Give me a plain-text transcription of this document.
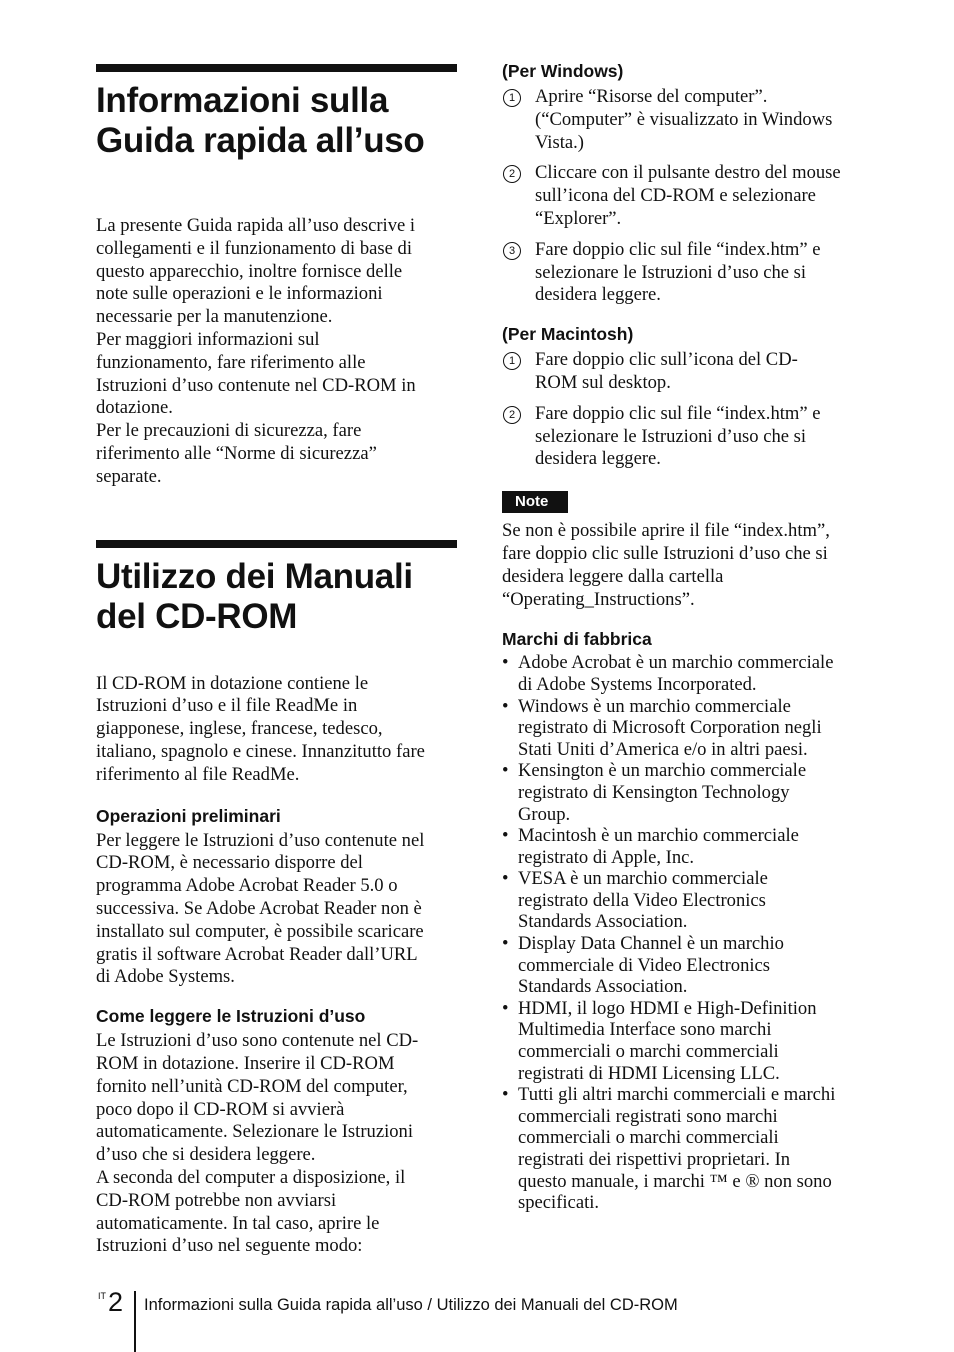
Informazioni sulla
Guida rapida all’uso

La presente Guida rapida all’uso descrive i

collegamenti e il funzionamento di base di

questo apparecchio, inoltre fornisce delle

note sulle operazioni e le informazioni

necessarie per la manutenzione.

Per maggiori informazioni sul

funzionamento, fare riferimento alle

Istruzioni d’uso contenute nel CD-ROM in

dotazione.

Per le precauzioni di sicurezza, fare

riferimento alle “Norme di sicurezza”

separate.

Utilizzo dei Manuali
del CD-ROM

Il CD-ROM in dotazione contiene le

Istruzioni d’uso e il file ReadMe in

giapponese, inglese, francese, tedesco,

italiano, spagnolo e cinese. Innanzitutto fare

riferimento al file ReadMe.

Operazioni preliminari

Per leggere le Istruzioni d’uso contenute nel

CD-ROM, è necessario disporre del

programma Adobe Acrobat Reader 5.0 o

successiva. Se Adobe Acrobat Reader non è

installato sul computer, è possibile scaricare

gratis il software Acrobat Reader dall’URL

di Adobe Systems.

Come leggere le Istruzioni d’uso

Le Istruzioni d’uso sono contenute nel CD-

ROM in dotazione. Inserire il CD-ROM

fornito nell’unità CD-ROM del computer,

poco dopo il CD-ROM si avvierà

automaticamente. Selezionare le Istruzioni

d’uso che si desidera leggere.

A seconda del computer a disposizione, il

CD-ROM potrebbe non avviarsi

automaticamente. In tal caso, aprire le

Istruzioni d’uso nel seguente modo:

(Per Windows)
1	Aprire “Risorse del computer”.

(“Computer” è visualizzato in Windows

Vista.)

2	Cliccare con il pulsante destro del mouse

sull’icona del CD-ROM e selezionare

“Explorer”.

3	Fare doppio clic sul file “index.htm” e

selezionare le Istruzioni d’uso che si

desidera leggere.

(Per Macintosh)
1	Fare doppio clic sull’icona del CD-

ROM sul desktop.

2	Fare doppio clic sul file “index.htm” e

selezionare le Istruzioni d’uso che si

desidera leggere.

Note

Se non è possibile aprire il file “index.htm”,

fare doppio clic sulle Istruzioni d’uso che si

desidera leggere dalla cartella

“Operating_Instructions”.

Marchi di fabbrica
• Adobe Acrobat è un marchio commerciale

di Adobe Systems Incorporated.

• Windows è un marchio commerciale

registrato di Microsoft Corporation negli

Stati Uniti d’America e/o in altri paesi.

• Kensington è un marchio commerciale

registrato di Kensington Technology

Group.

• Macintosh è un marchio commerciale

registrato di Apple, Inc.

• VESA è un marchio commerciale

registrato della Video Electronics

Standards Association.

• Display Data Channel è un marchio

commerciale di Video Electronics

Standards Association.

• HDMI, il logo HDMI e High-Definition

Multimedia Interface sono marchi

commerciali o marchi commerciali

registrati di HDMI Licensing LLC.

• Tutti gli altri marchi commerciali e marchi

commerciali registrati sono marchi

commerciali o marchi commerciali

registrati dei rispettivi proprietari. In

questo manuale, i marchi ™ e ® non sono

specificati.

IT 2 Informazioni sulla Guida rapida all’uso / Utilizzo dei Manuali del CD-ROM
